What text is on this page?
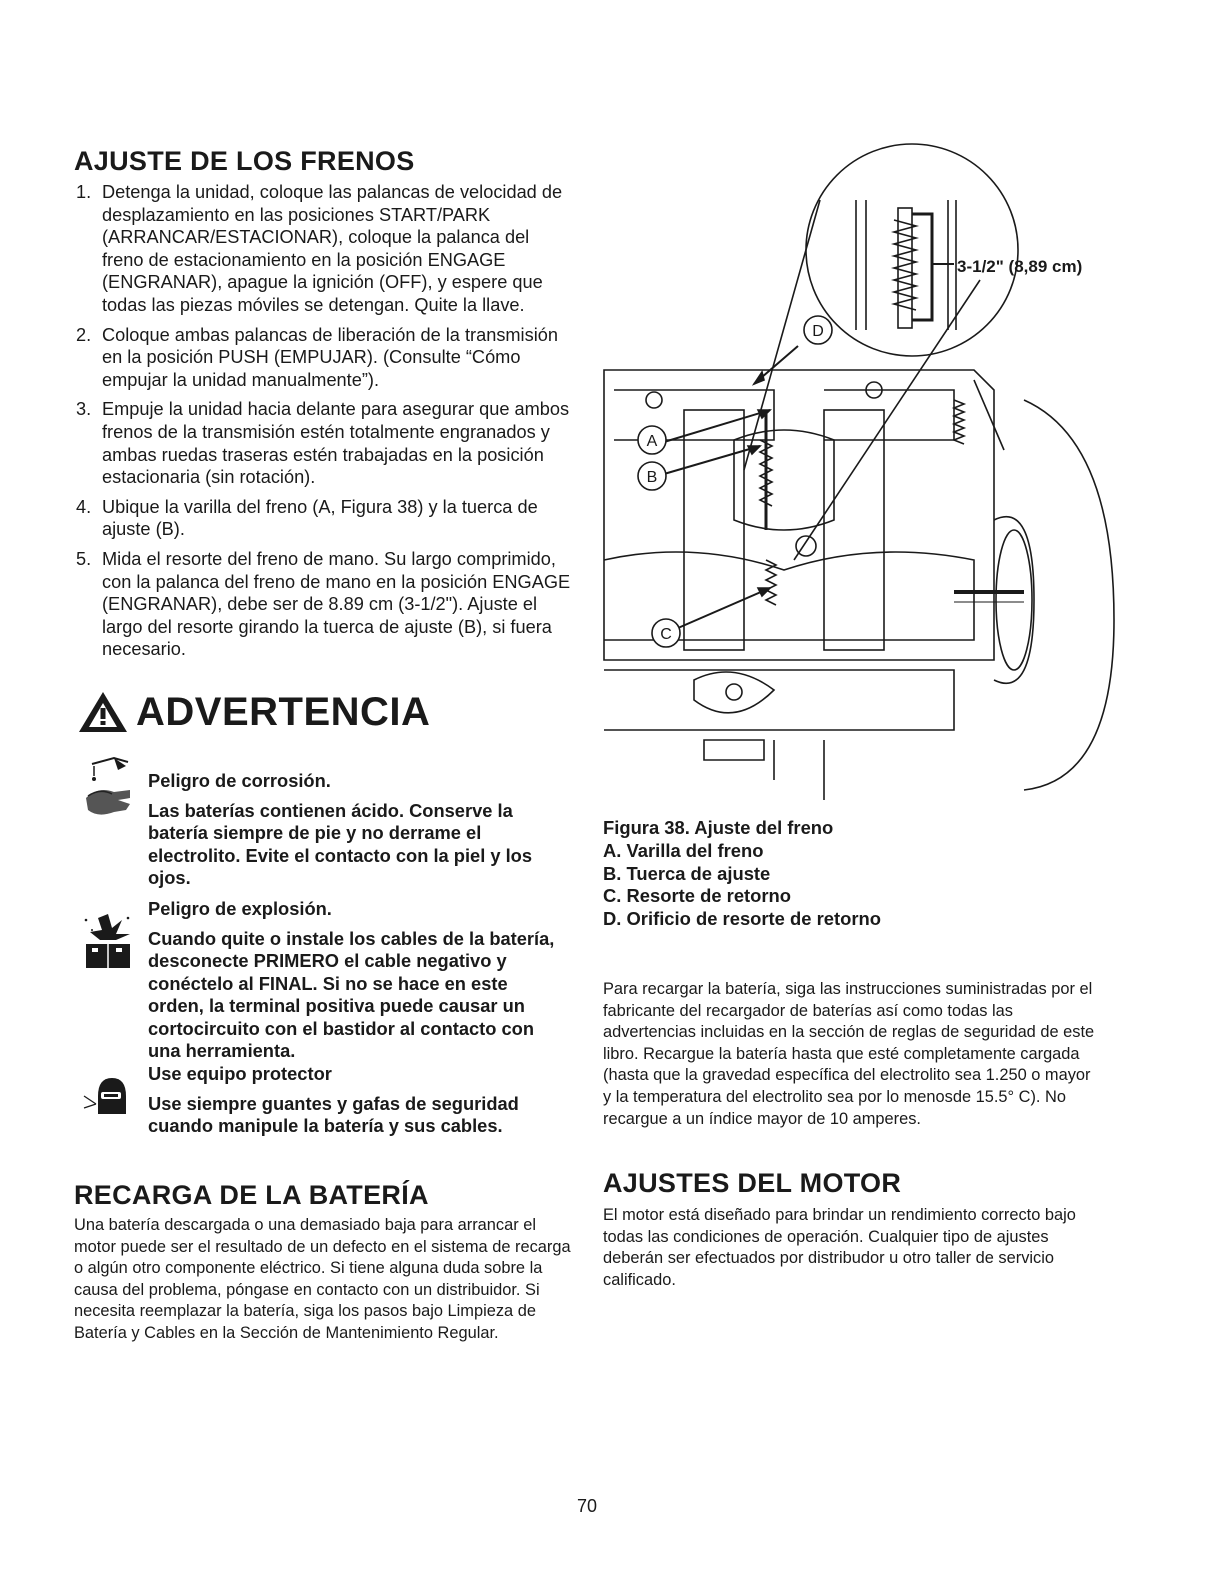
AJUSTE DE LOS FRENOS
1. Detenga la unidad, coloque las palancas de velocidad de desplazamiento en las posiciones START/PARK (ARRANCAR/ESTACIONAR), coloque la palanca del freno de estacionamiento en la posición ENGAGE (ENGRANAR), apague la ignición (OFF), y espere que todas las piezas móviles se detengan. Quite la llave.
2. Coloque ambas palancas de liberación de la transmisión en la posición PUSH (EMPUJAR). (Consulte “Cómo empujar la unidad manualmente”).
3. Empuje la unidad hacia delante para asegurar que ambos frenos de la transmisión estén totalmente engranados y ambas ruedas traseras estén trabajadas en la posición estacionaria (sin rotación).
4. Ubique la varilla del freno (A, Figura 38) y la tuerca de ajuste (B).
5. Mida el resorte del freno de mano. Su largo comprimido, con la palanca del freno de mano en la posición ENGAGE (ENGRANAR), debe ser de 8.89 cm (3-1/2"). Ajuste el largo del resorte girando la tuerca de ajuste (B), si fuera necesario.
ADVERTENCIA

Peligro de corrosión.

Las baterías contienen ácido. Conserve la batería siempre de pie y no derrame el electrolito. Evite el contacto con la piel y los ojos.

Peligro de explosión.

Cuando quite o instale los cables de la batería, desconecte PRIMERO el cable negativo y conéctelo al FINAL. Si no se hace en este orden, la terminal positiva puede causar un cortocircuito con el bastidor al contacto con una herramienta.

Use equipo protector

Use siempre guantes y gafas de seguridad cuando manipule la batería y sus cables.

RECARGA DE LA BATERÍA

Una batería descargada o una demasiado baja para arrancar el motor puede ser el resultado de un defecto en el sistema de recarga o algún otro componente eléctrico. Si tiene alguna duda sobre la causa del problema, póngase en contacto con un distribuidor. Si necesita reemplazar la batería, siga los pasos bajo Limpieza de Batería y Cables en la Sección de Mantenimiento Regular.

A
B
C
D
3-1/2" (8,89 cm)
Figura 38. Ajuste del freno
A. Varilla del freno
B. Tuerca de ajuste
C. Resorte de retorno
D. Orificio de resorte de retorno

Para recargar la batería, siga las instrucciones suministradas por el fabricante del recargador de baterías así como todas las advertencias incluidas en la sección de reglas de seguridad de este libro. Recargue la batería hasta que esté completamente cargada (hasta que la gravedad específica del electrolito sea 1.250 o mayor y la temperatura del electrolito sea por lo menosde 15.5° C). No recargue a un índice mayor de 10 amperes.

AJUSTES DEL MOTOR

El motor está diseñado para brindar un rendimiento correcto bajo todas las condiciones de operación. Cualquier tipo de ajustes deberán ser efectuados por distribudor u otro taller de servicio calificado.

70
